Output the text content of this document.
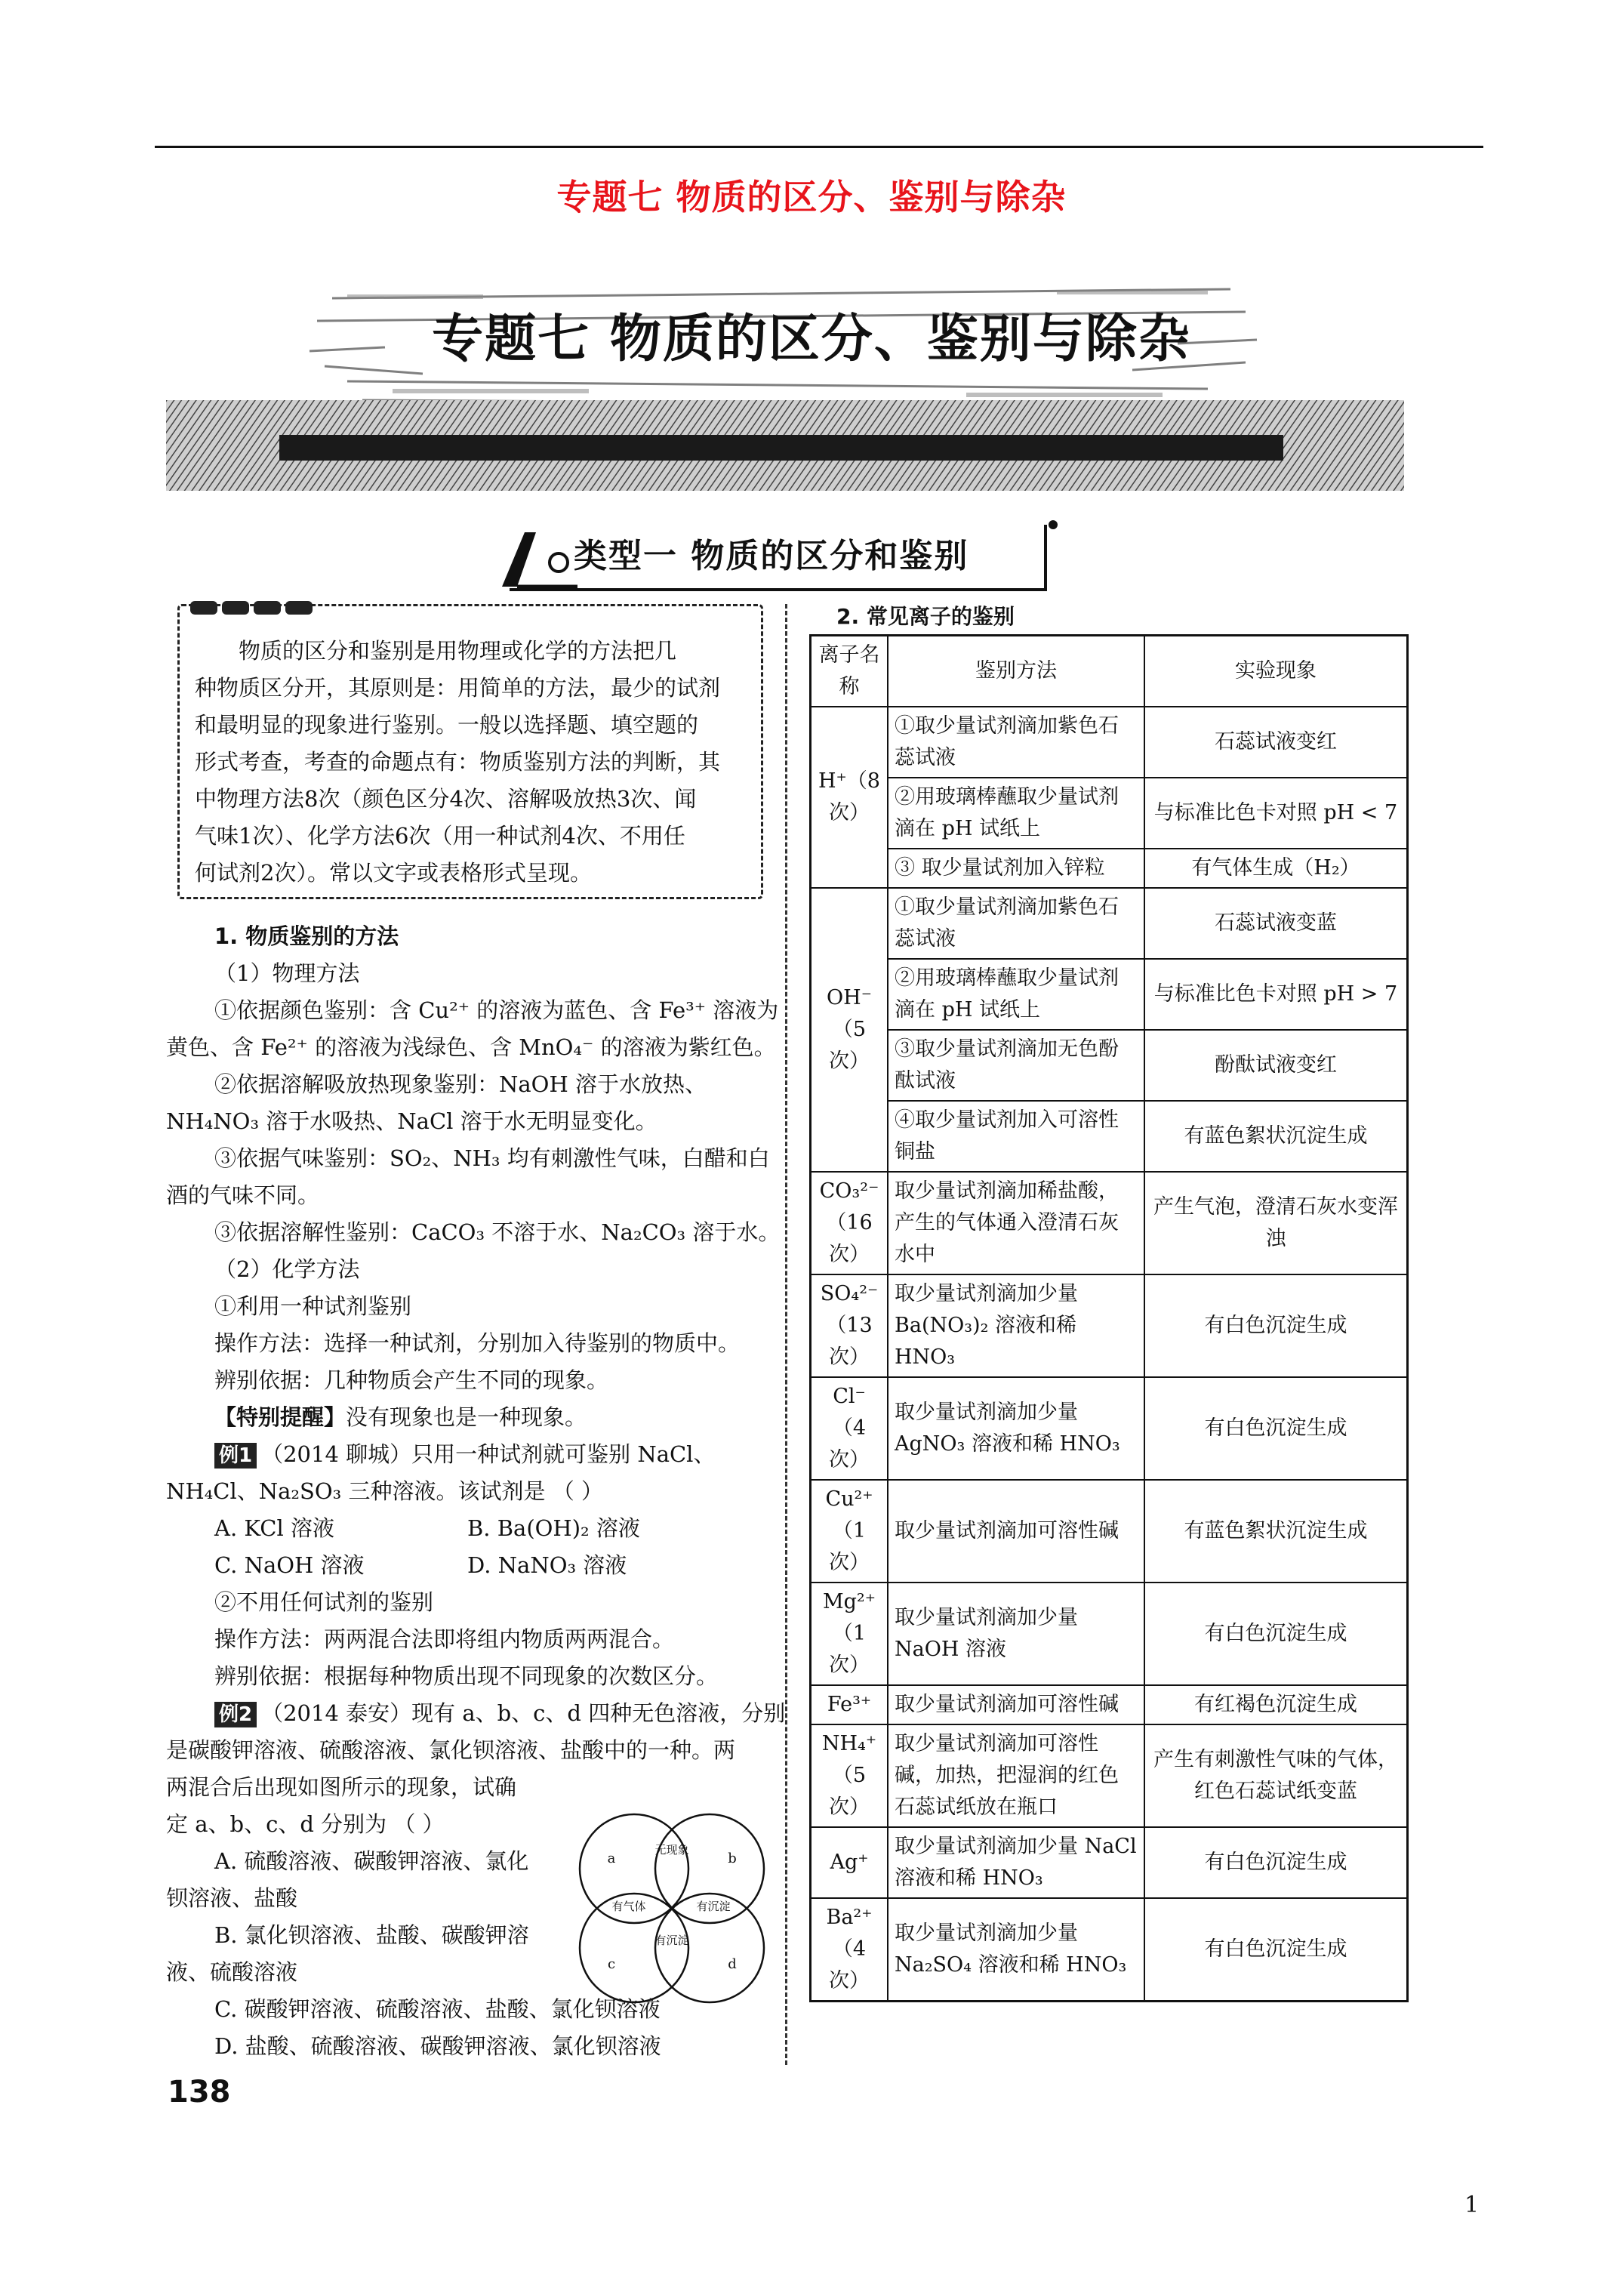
专题七 物质的区分、鉴别与除杂
专题七 物质的区分、鉴别与除杂
类型一 物质的区分和鉴别
物质的区分和鉴别是用物理或化学的方法把几
种物质区分开，其原则是：用简单的方法，最少的试剂
和最明显的现象进行鉴别。一般以选择题、填空题的
形式考查，考查的命题点有：物质鉴别方法的判断，其
中物理方法8次（颜色区分4次、溶解吸放热3次、闻
气味1次）、化学方法6次（用一种试剂4次、不用任
何试剂2次）。常以文字或表格形式呈现。
1. 物质鉴别的方法
（1）物理方法
①依据颜色鉴别：含 Cu²⁺ 的溶液为蓝色、含 Fe³⁺ 溶液为
黄色、含 Fe²⁺ 的溶液为浅绿色、含 MnO₄⁻ 的溶液为紫红色。
②依据溶解吸放热现象鉴别：NaOH 溶于水放热、
NH₄NO₃ 溶于水吸热、NaCl 溶于水无明显变化。
③依据气味鉴别：SO₂、NH₃ 均有刺激性气味，白醋和白
酒的气味不同。
③依据溶解性鉴别：CaCO₃ 不溶于水、Na₂CO₃ 溶于水。
（2）化学方法
①利用一种试剂鉴别
操作方法：选择一种试剂，分别加入待鉴别的物质中。
辨别依据：几种物质会产生不同的现象。
【特别提醒】没有现象也是一种现象。
例1 （2014 聊城）只用一种试剂就可鉴别 NaCl、
NH₄Cl、Na₂SO₃ 三种溶液。该试剂是 （ ）
A. KCl 溶液	B. Ba(OH)₂ 溶液
C. NaOH 溶液	D. NaNO₃ 溶液
②不用任何试剂的鉴别
操作方法：两两混合法即将组内物质两两混合。
辨别依据：根据每种物质出现不同现象的次数区分。
例2 （2014 泰安）现有 a、b、c、d 四种无色溶液，分别
是碳酸钾溶液、硫酸溶液、氯化钡溶液、盐酸中的一种。两
两混合后出现如图所示的现象，试确
定 a、b、c、d 分别为 （ ）
A. 硫酸溶液、碳酸钾溶液、氯化
钡溶液、盐酸
B. 氯化钡溶液、盐酸、碳酸钾溶
液、硫酸溶液
C. 碳酸钾溶液、硫酸溶液、盐酸、氯化钡溶液
D. 盐酸、硫酸溶液、碳酸钾溶液、氯化钡溶液
a	b
c	d
无现象
有气体	有沉淀
有沉淀
2. 常见离子的鉴别
离子名称	鉴别方法	实验现象
H⁺（8次）	①取少量试剂滴加紫色石蕊试液	石蕊试液变红
	②用玻璃棒蘸取少量试剂滴在 pH 试纸上	与标准比色卡对照 pH < 7
	③ 取少量试剂加入锌粒	有气体生成（H₂）
OH⁻（5次）	①取少量试剂滴加紫色石蕊试液	石蕊试液变蓝
	②用玻璃棒蘸取少量试剂滴在 pH 试纸上	与标准比色卡对照 pH > 7
	③取少量试剂滴加无色酚酞试液	酚酞试液变红
	④取少量试剂加入可溶性铜盐	有蓝色絮状沉淀生成
CO₃²⁻（16次）	取少量试剂滴加稀盐酸，产生的气体通入澄清石灰水中	产生气泡，澄清石灰水变浑浊
SO₄²⁻（13次）	取少量试剂滴加少量 Ba(NO₃)₂ 溶液和稀 HNO₃	有白色沉淀生成
Cl⁻（4次）	取少量试剂滴加少量 AgNO₃ 溶液和稀 HNO₃	有白色沉淀生成
Cu²⁺（1次）	取少量试剂滴加可溶性碱	有蓝色絮状沉淀生成
Mg²⁺（1次）	取少量试剂滴加少量 NaOH 溶液	有白色沉淀生成
Fe³⁺	取少量试剂滴加可溶性碱	有红褐色沉淀生成
NH₄⁺（5次）	取少量试剂滴加可溶性碱，加热，把湿润的红色石蕊试纸放在瓶口	产生有刺激性气味的气体，红色石蕊试纸变蓝
Ag⁺	取少量试剂滴加少量 NaCl 溶液和稀 HNO₃	有白色沉淀生成
Ba²⁺（4次）	取少量试剂滴加少量 Na₂SO₄ 溶液和稀 HNO₃	有白色沉淀生成
138
1
